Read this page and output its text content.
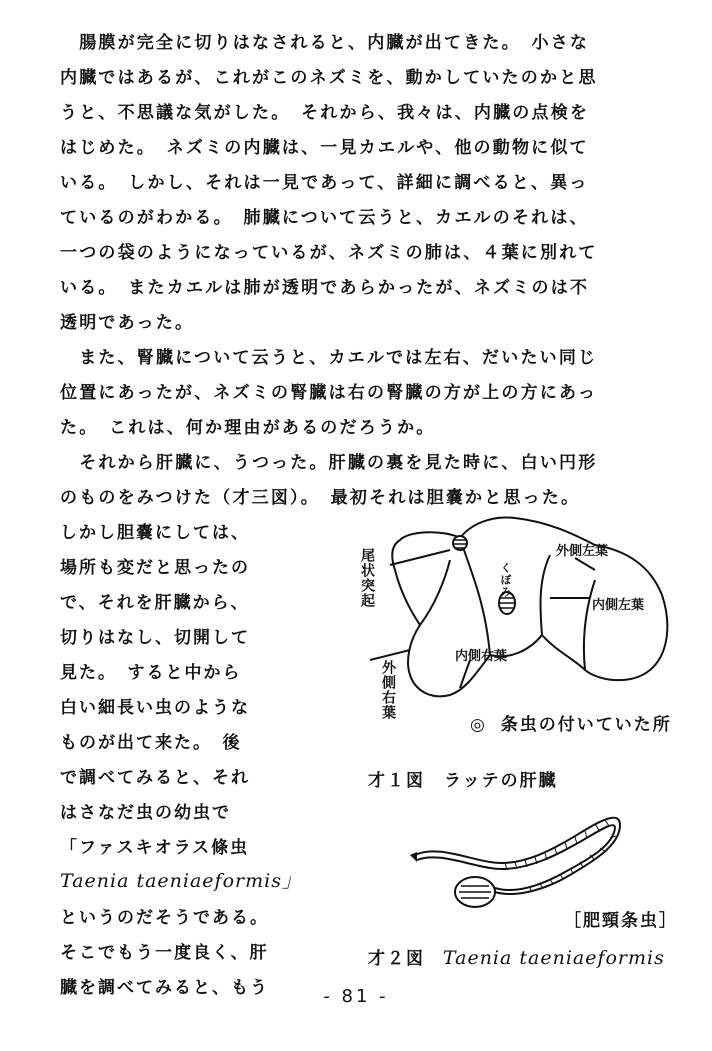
　腸膜が完全に切りはなされると、内臓が出てきた。　小さな
内臓ではあるが、これがこのネズミを、動かしていたのかと思
うと、不思議な気がした。　それから、我々は、内臓の点検を
はじめた。　ネズミの内臓は、一見カエルや、他の動物に似て
いる。　しかし、それは一見であって、詳細に調べると、異っ
ているのがわかる。　肺臓について云うと、カエルのそれは、
一つの袋のようになっているが、ネズミの肺は、４葉に別れて
いる。　またカエルは肺が透明であらかったが、ネズミのは不
透明であった。
　また、腎臓について云うと、カエルでは左右、だいたい同じ
位置にあったが、ネズミの腎臓は右の腎臓の方が上の方にあっ
た。　これは、何か理由があるのだろうか。
　それから肝臓に、うつった。肝臓の裏を見た時に、白い円形
のものをみつけた（才三図）。　最初それは胆嚢かと思った。
しかし胆嚢にしては、
場所も変だと思ったの
で、それを肝臓から、
切りはなし、切開して
見た。　すると中から
白い細長い虫のような
ものが出て来た。　後
で調べてみると、それ
はさなだ虫の幼虫で
「ファスキオラス條虫
Taenia taeniaeformis」
というのだそうである。
そこでもう一度良く、肝
臓を調べてみると、もう
尾状突起	外側左葉
内側左葉
内側右葉
外側右葉
くぼみ
◎ 条虫の付いていた所
才１図　ラッテの肝臓
［肥頸条虫］
才２図 Taenia taeniaeformis
- 81 -
